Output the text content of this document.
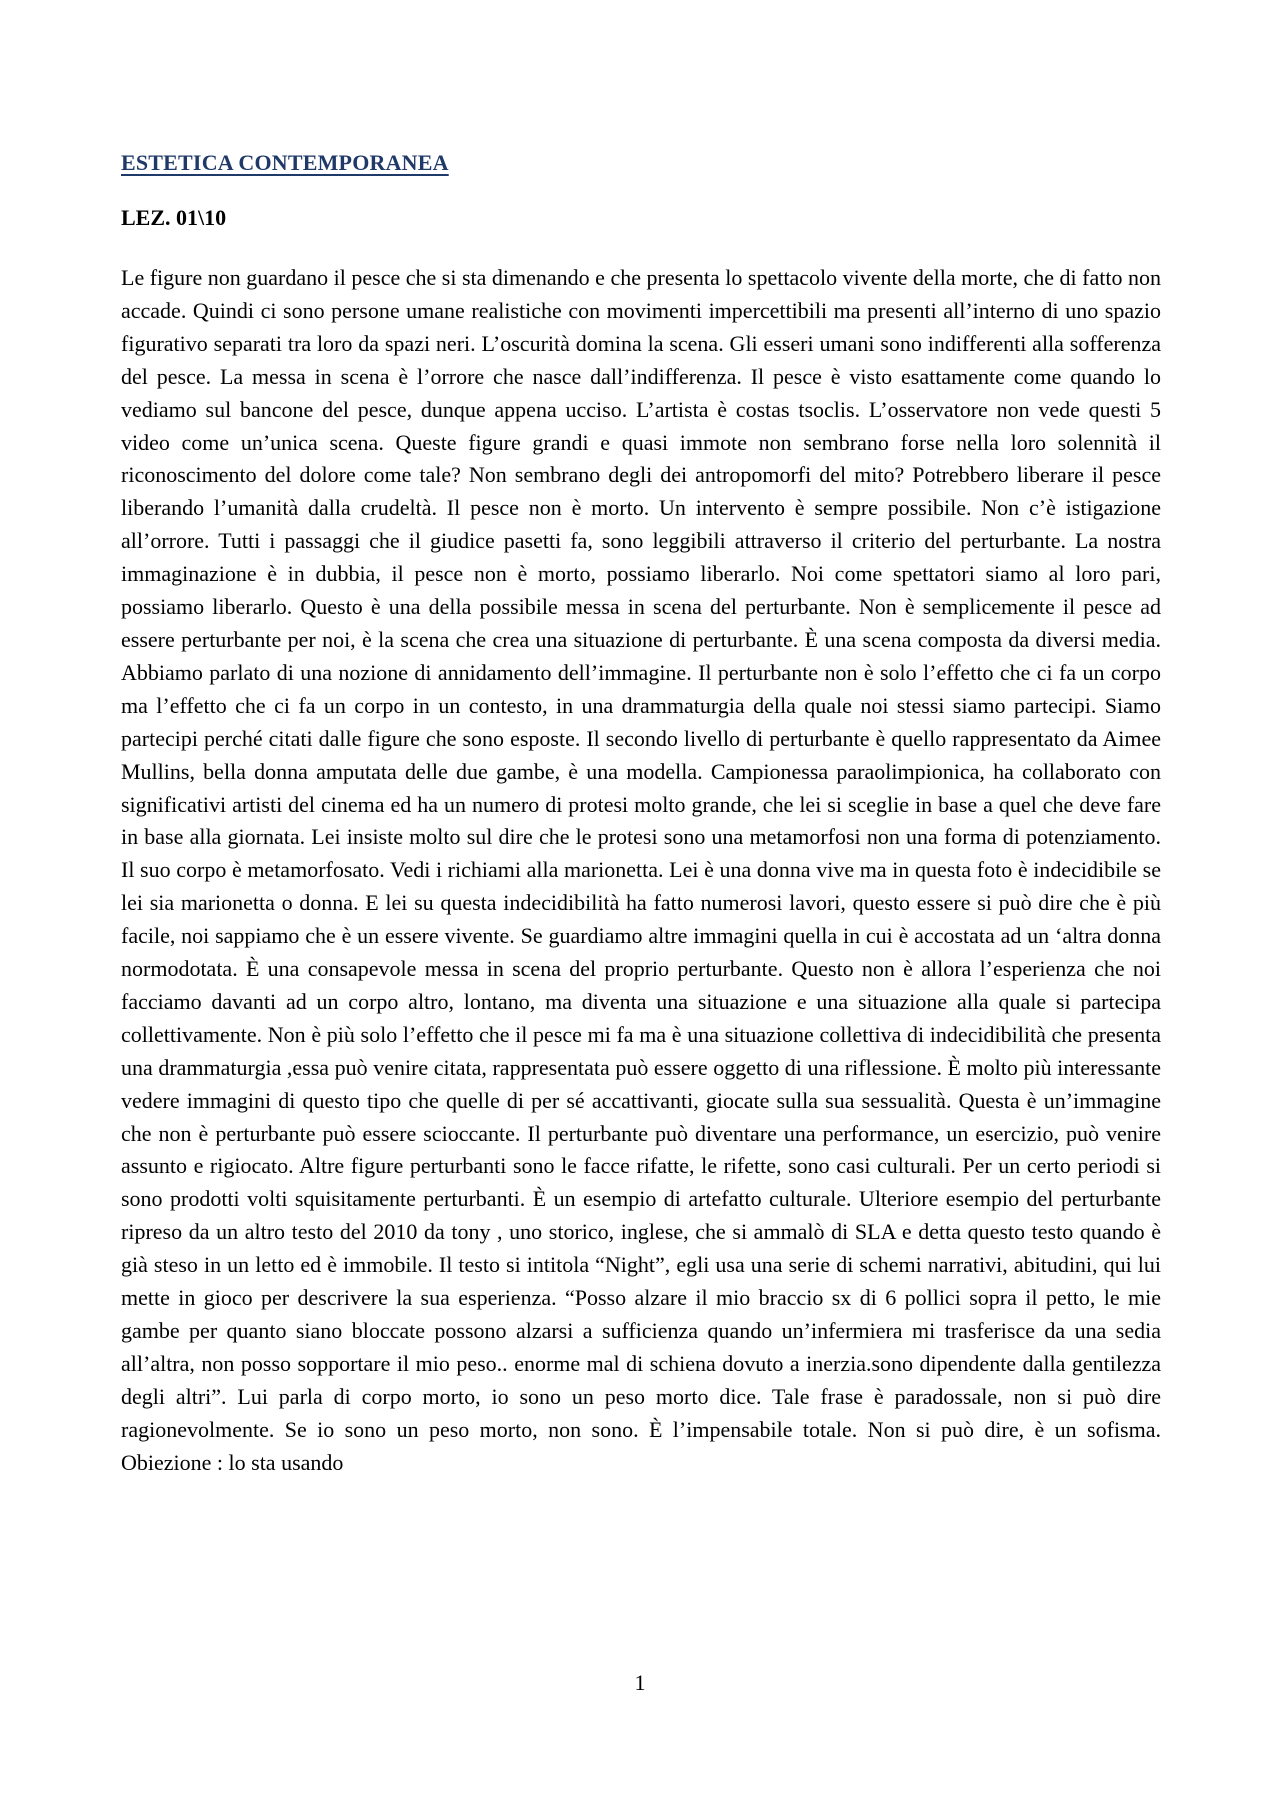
ESTETICA CONTEMPORANEA
LEZ. 01\10

Le figure non guardano il pesce che si sta dimenando e che presenta lo spettacolo vivente della morte, che di fatto non accade. Quindi ci sono persone umane realistiche con movimenti impercettibili ma presenti all’interno di uno spazio figurativo separati tra loro da spazi neri. L’oscurità domina la scena. Gli esseri umani sono indifferenti alla sofferenza del pesce. La messa in scena è l’orrore che nasce dall’indifferenza. Il pesce è visto esattamente come quando lo vediamo sul bancone del pesce, dunque appena ucciso. L’artista è costas tsoclis. L’osservatore non vede questi 5 video come un’unica scena. Queste figure grandi e quasi immote non sembrano forse nella loro solennità il riconoscimento del dolore come tale? Non sembrano degli dei antropomorfi del mito? Potrebbero liberare il pesce liberando l’umanità dalla crudeltà. Il pesce non è morto. Un intervento è sempre possibile. Non c’è istigazione all’orrore. Tutti i passaggi che il giudice pasetti fa, sono leggibili attraverso il criterio del perturbante. La nostra immaginazione è in dubbia, il pesce non è morto, possiamo liberarlo. Noi come spettatori siamo al loro pari, possiamo liberarlo. Questo è una della possibile messa in scena del perturbante. Non è semplicemente il pesce ad essere perturbante per noi, è la scena che crea una situazione di perturbante. È una scena composta da diversi media. Abbiamo parlato di una nozione di annidamento dell’immagine. Il perturbante non è solo l’effetto che ci fa un corpo ma l’effetto che ci fa un corpo in un contesto, in una drammaturgia della quale noi stessi siamo partecipi. Siamo partecipi perché citati dalle figure che sono esposte. Il secondo livello di perturbante è quello rappresentato da Aimee Mullins, bella donna amputata delle due gambe, è una modella. Campionessa paraolimpionica, ha collaborato con significativi artisti del cinema ed ha un numero di protesi molto grande, che lei si sceglie in base a quel che deve fare in base alla giornata. Lei insiste molto sul dire che le protesi sono una metamorfosi non una forma di potenziamento. Il suo corpo è metamorfosato. Vedi i richiami alla marionetta. Lei è una donna vive ma in questa foto è indecidibile se lei sia marionetta o donna. E lei su questa indecidibilità ha fatto numerosi lavori, questo essere si può dire che è più facile, noi sappiamo che è un essere vivente. Se guardiamo altre immagini quella in cui è accostata ad un ‘altra donna normodotata. È una consapevole messa in scena del proprio perturbante. Questo non è allora l’esperienza che noi facciamo davanti ad un corpo altro, lontano, ma diventa una situazione e una situazione alla quale si partecipa collettivamente. Non è più solo l’effetto che il pesce mi fa ma è una situazione collettiva di indecidibilità che presenta una drammaturgia ,essa può venire citata, rappresentata può essere oggetto di una riflessione. È molto più interessante vedere immagini di questo tipo che quelle di per sé accattivanti, giocate sulla sua sessualità. Questa è un’immagine che non è perturbante può essere scioccante. Il perturbante può diventare una performance, un esercizio, può venire assunto e rigiocato. Altre figure perturbanti sono le facce rifatte, le rifette, sono casi culturali. Per un certo periodi si sono prodotti volti squisitamente perturbanti. È un esempio di artefatto culturale. Ulteriore esempio del perturbante ripreso da un altro testo del 2010 da tony , uno storico, inglese, che si ammalò di SLA e detta questo testo quando è già steso in un letto ed è immobile. Il testo si intitola “Night”, egli usa una serie di schemi narrativi, abitudini, qui lui mette in gioco per descrivere la sua esperienza. “Posso alzare il mio braccio sx di 6 pollici sopra il petto, le mie gambe per quanto siano bloccate possono alzarsi a sufficienza quando un’infermiera mi trasferisce da una sedia all’altra, non posso sopportare il mio peso.. enorme mal di schiena dovuto a inerzia.sono dipendente dalla gentilezza degli altri”. Lui parla di corpo morto, io sono un peso morto dice. Tale frase è paradossale, non si può dire ragionevolmente. Se io sono un peso morto, non sono. È l’impensabile totale. Non si può dire, è un sofisma. Obiezione : lo sta usando

1
